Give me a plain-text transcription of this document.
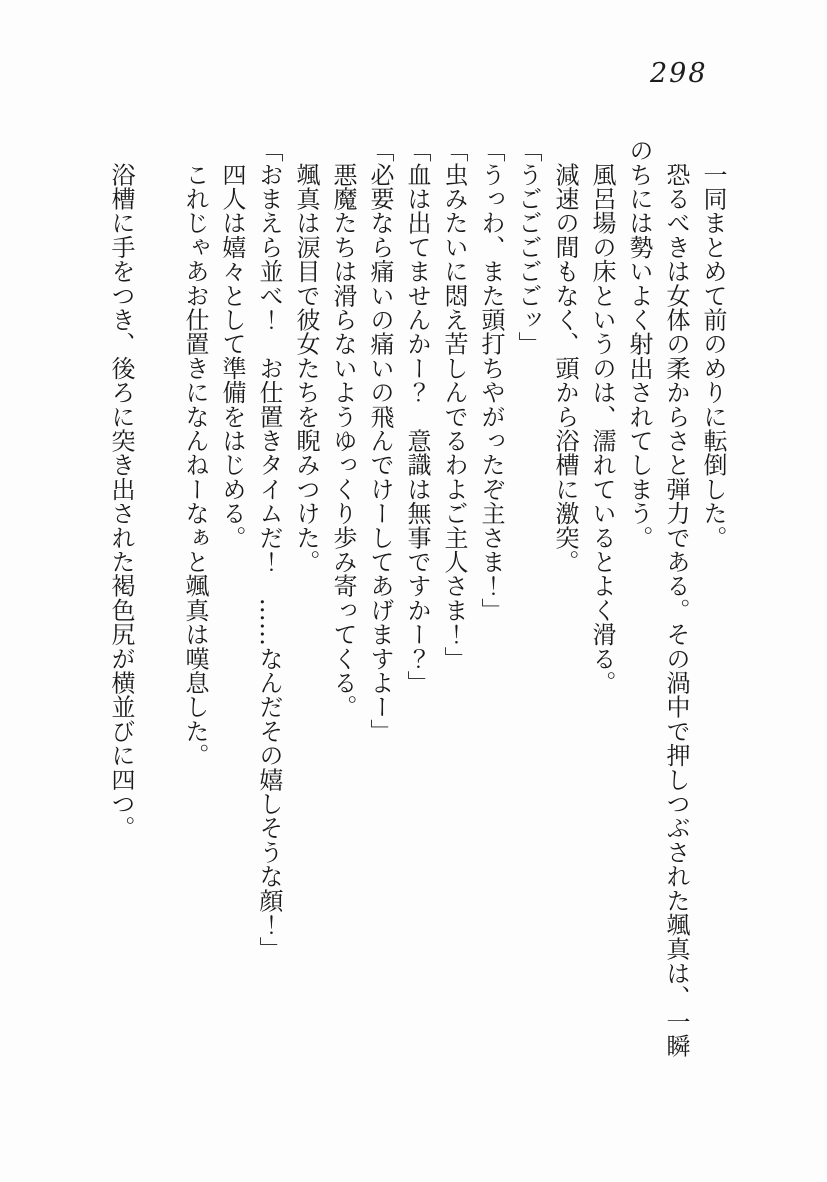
298
　一同まとめて前のめりに転倒した。
　恐るべきは女体の柔からさと弾力である。その渦中で押しつぶされた颯真は、一瞬
のちには勢いよく射出されてしまう。
　風呂場の床というのは、濡れているとよく滑る。
　減速の間もなく、頭から浴槽に激突。
「うごごごごごッ」
「うっわ、また頭打ちやがったぞ主さま！」
「虫みたいに悶え苦しんでるわよご主人さま！」
「血は出てませんかー？　意識は無事ですかー？」
「必要なら痛いの痛いの飛んでけーしてあげますよー」
　悪魔たちは滑らないようゆっくり歩み寄ってくる。
　颯真は涙目で彼女たちを睨みつけた。
「おまえら並べ！　お仕置きタイムだ！　……なんだその嬉しそうな顔！」
　四人は嬉々として準備をはじめる。
　これじゃあお仕置きになんねーなぁと颯真は嘆息した。
　浴槽に手をつき、後ろに突き出された褐色尻が横並びに四つ。
